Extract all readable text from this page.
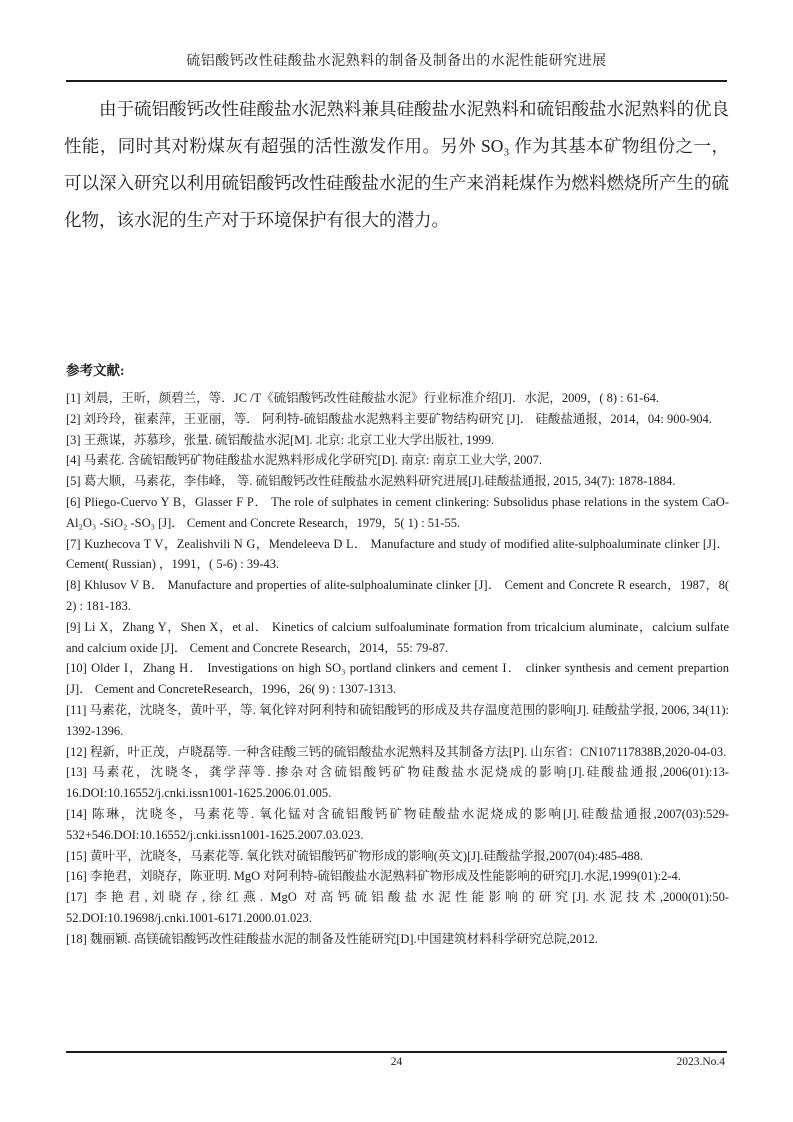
硫铝酸钙改性硅酸盐水泥熟料的制备及制备出的水泥性能研究进展

由于硫铝酸钙改性硅酸盐水泥熟料兼具硅酸盐水泥熟料和硫铝酸盐水泥熟料的优良性能，同时其对粉煤灰有超强的活性激发作用。另外 SO₃ 作为其基本矿物组份之一，可以深入研究以利用硫铝酸钙改性硅酸盐水泥的生产来消耗煤作为燃料燃烧所产生的硫化物，该水泥的生产对于环境保护有很大的潜力。

参考文献:

[1] 刘晨，王昕，颜碧兰，等．JC /T《硫铝酸钙改性硅酸盐水泥》行业标准介绍[J]．水泥，2009，( 8) : 61-64.

[2] 刘玲玲，崔素萍，王亚丽，等． 阿利特-硫铝酸盐水泥熟料主要矿物结构研究 [J]． 硅酸盐通报，2014，04: 900-904.

[3] 王燕谋，苏慕珍，张量. 硫铝酸盐水泥[M]. 北京: 北京工业大学出版社, 1999.

[4] 马素花. 含硫铝酸钙矿物硅酸盐水泥熟料形成化学研究[D]. 南京: 南京工业大学, 2007.

[5] 葛大顺，马素花，李伟峰， 等. 硫铝酸钙改性硅酸盐水泥熟料研究进展[J].硅酸盐通报, 2015, 34(7): 1878-1884.

[6] Pliego-Cuervo Y B，Glasser F P． The role of sulphates in cement clinkering: Subsolidus phase relations in the system CaO-Al₂O₃ -SiO₂ -SO₃ [J]． Cement and Concrete Research，1979，5( 1) : 51-55.

[7] Kuzhecova T V，Zealishvili N G，Mendeleeva D L． Manufacture and study of modified alite-sulphoaluminate clinker [J]． Cement( Russian) ，1991，( 5-6) : 39-43.

[8] Khlusov V B． Manufacture and properties of alite-sulphoaluminate clinker [J]． Cement and Concrete R esearch，1987，8( 2) : 181-183.

[9] Li X，Zhang Y，Shen X，et al． Kinetics of calcium sulfoaluminate formation from tricalcium aluminate，calcium sulfate and calcium oxide [J]． Cement and Concrete Research，2014，55: 79-87.

[10] Older I，Zhang H． Investigations on high SO₃ portland clinkers and cement I． clinker synthesis and cement prepartion [J]． Cement and ConcreteResearch，1996，26( 9) : 1307-1313.

[11] 马素花，沈晓冬，黄叶平，等. 氧化锌对阿利特和硫铝酸钙的形成及共存温度范围的影响[J]. 硅酸盐学报, 2006, 34(11): 1392-1396.

[12] 程新，叶正茂，卢晓磊等. 一种含硅酸三钙的硫铝酸盐水泥熟料及其制备方法[P]. 山东省：CN107117838B,2020-04-03.

[13] 马素花，沈晓冬，龚学萍等. 掺杂对含硫铝酸钙矿物硅酸盐水泥烧成的影响[J].硅酸盐通报,2006(01):13-16.DOI:10.16552/j.cnki.issn1001-1625.2006.01.005.

[14] 陈琳，沈晓冬，马素花等. 氧化锰对含硫铝酸钙矿物硅酸盐水泥烧成的影响[J].硅酸盐通报,2007(03):529-532+546.DOI:10.16552/j.cnki.issn1001-1625.2007.03.023.

[15] 黄叶平，沈晓冬，马素花等. 氧化铁对硫铝酸钙矿物形成的影响(英文)[J].硅酸盐学报,2007(04):485-488.

[16] 李艳君，刘晓存，陈亚明. MgO 对阿利特-硫铝酸盐水泥熟料矿物形成及性能影响的研究[J].水泥,1999(01):2-4.

[17] 李艳君,刘晓存,徐红燕. MgO 对高钙硫铝酸盐水泥性能影响的研究[J].水泥技术,2000(01):50-52.DOI:10.19698/j.cnki.1001-6171.2000.01.023.

[18] 魏丽颖. 高镁硫铝酸钙改性硅酸盐水泥的制备及性能研究[D].中国建筑材料科学研究总院,2012.

24	2023.No.4
